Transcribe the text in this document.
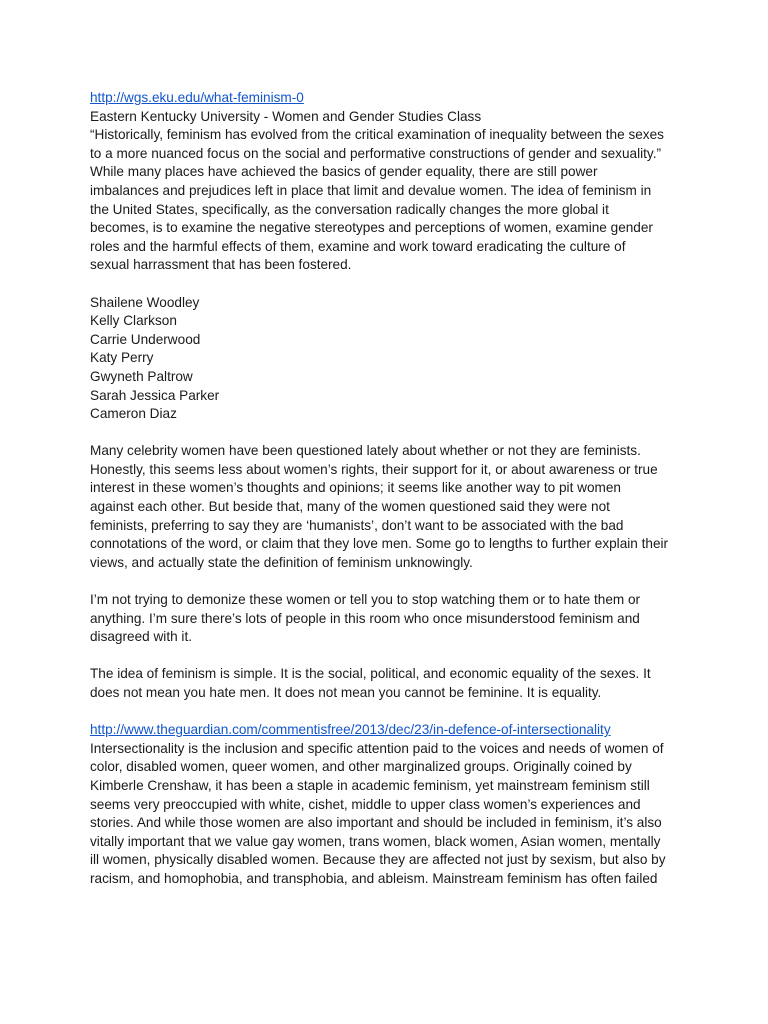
http://wgs.eku.edu/what-feminism-0
Eastern Kentucky University - Women and Gender Studies Class
“Historically, feminism has evolved from the critical examination of inequality between the sexes
to a more nuanced focus on the social and performative constructions of gender and sexuality.”
While many places have achieved the basics of gender equality, there are still power
imbalances and prejudices left in place that limit and devalue women. The idea of feminism in
the United States, specifically, as the conversation radically changes the more global it
becomes, is to examine the negative stereotypes and perceptions of women, examine gender
roles and the harmful effects of them, examine and work toward eradicating the culture of
sexual harrassment that has been fostered.
Shailene Woodley
Kelly Clarkson
Carrie Underwood
Katy Perry
Gwyneth Paltrow
Sarah Jessica Parker
Cameron Diaz
Many celebrity women have been questioned lately about whether or not they are feminists.
Honestly, this seems less about women’s rights, their support for it, or about awareness or true
interest in these women’s thoughts and opinions; it seems like another way to pit women
against each other. But beside that, many of the women questioned said they were not
feminists, preferring to say they are ‘humanists’, don’t want to be associated with the bad
connotations of the word, or claim that they love men. Some go to lengths to further explain their
views, and actually state the definition of feminism unknowingly.
I’m not trying to demonize these women or tell you to stop watching them or to hate them or
anything. I’m sure there’s lots of people in this room who once misunderstood feminism and
disagreed with it.
The idea of feminism is simple. It is the social, political, and economic equality of the sexes. It
does not mean you hate men. It does not mean you cannot be feminine. It is equality.
http://www.theguardian.com/commentisfree/2013/dec/23/in-defence-of-intersectionality
Intersectionality is the inclusion and specific attention paid to the voices and needs of women of
color, disabled women, queer women, and other marginalized groups. Originally coined by
Kimberle Crenshaw, it has been a staple in academic feminism, yet mainstream feminism still
seems very preoccupied with white, cishet, middle to upper class women’s experiences and
stories. And while those women are also important and should be included in feminism, it’s also
vitally important that we value gay women, trans women, black women, Asian women, mentally
ill women, physically disabled women. Because they are affected not just by sexism, but also by
racism, and homophobia, and transphobia, and ableism. Mainstream feminism has often failed
